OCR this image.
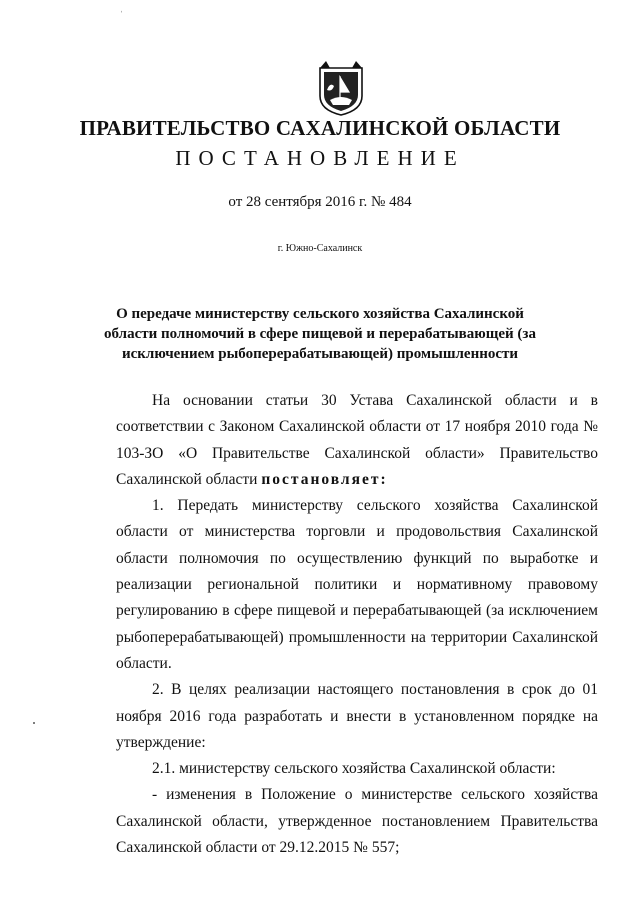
ˈ
ПРАВИТЕЛЬСТВО САХАЛИНСКОЙ ОБЛАСТИ
ПОСТАНОВЛЕНИЕ
от 28 сентября 2016 г. № 484
г. Южно-Сахалинск
О передаче министерству сельского хозяйства Сахалинской области полномочий в сфере пищевой и перерабатывающей (за исключением рыбоперерабатывающей) промышленности

На основании статьи 30 Устава Сахалинской области и в соответствии с Законом Сахалинской области от 17 ноября 2010 года № 103-ЗО «О Правительстве Сахалинской области» Правительство Сахалинской области постановляет:

1. Передать министерству сельского хозяйства Сахалинской области от министерства торговли и продовольствия Сахалинской области полномочия по осуществлению функций по выработке и реализации региональной политики и нормативному правовому регулированию в сфере пищевой и перерабатывающей (за исключением рыбоперерабатывающей) промышленности на территории Сахалинской области.

2. В целях реализации настоящего постановления в срок до 01 ноября 2016 года разработать и внести в установленном порядке на утверждение:

2.1. министерству сельского хозяйства Сахалинской области:

- изменения в Положение о министерстве сельского хозяйства Сахалинской области, утвержденное постановлением Правительства Сахалинской области от 29.12.2015 № 557;
